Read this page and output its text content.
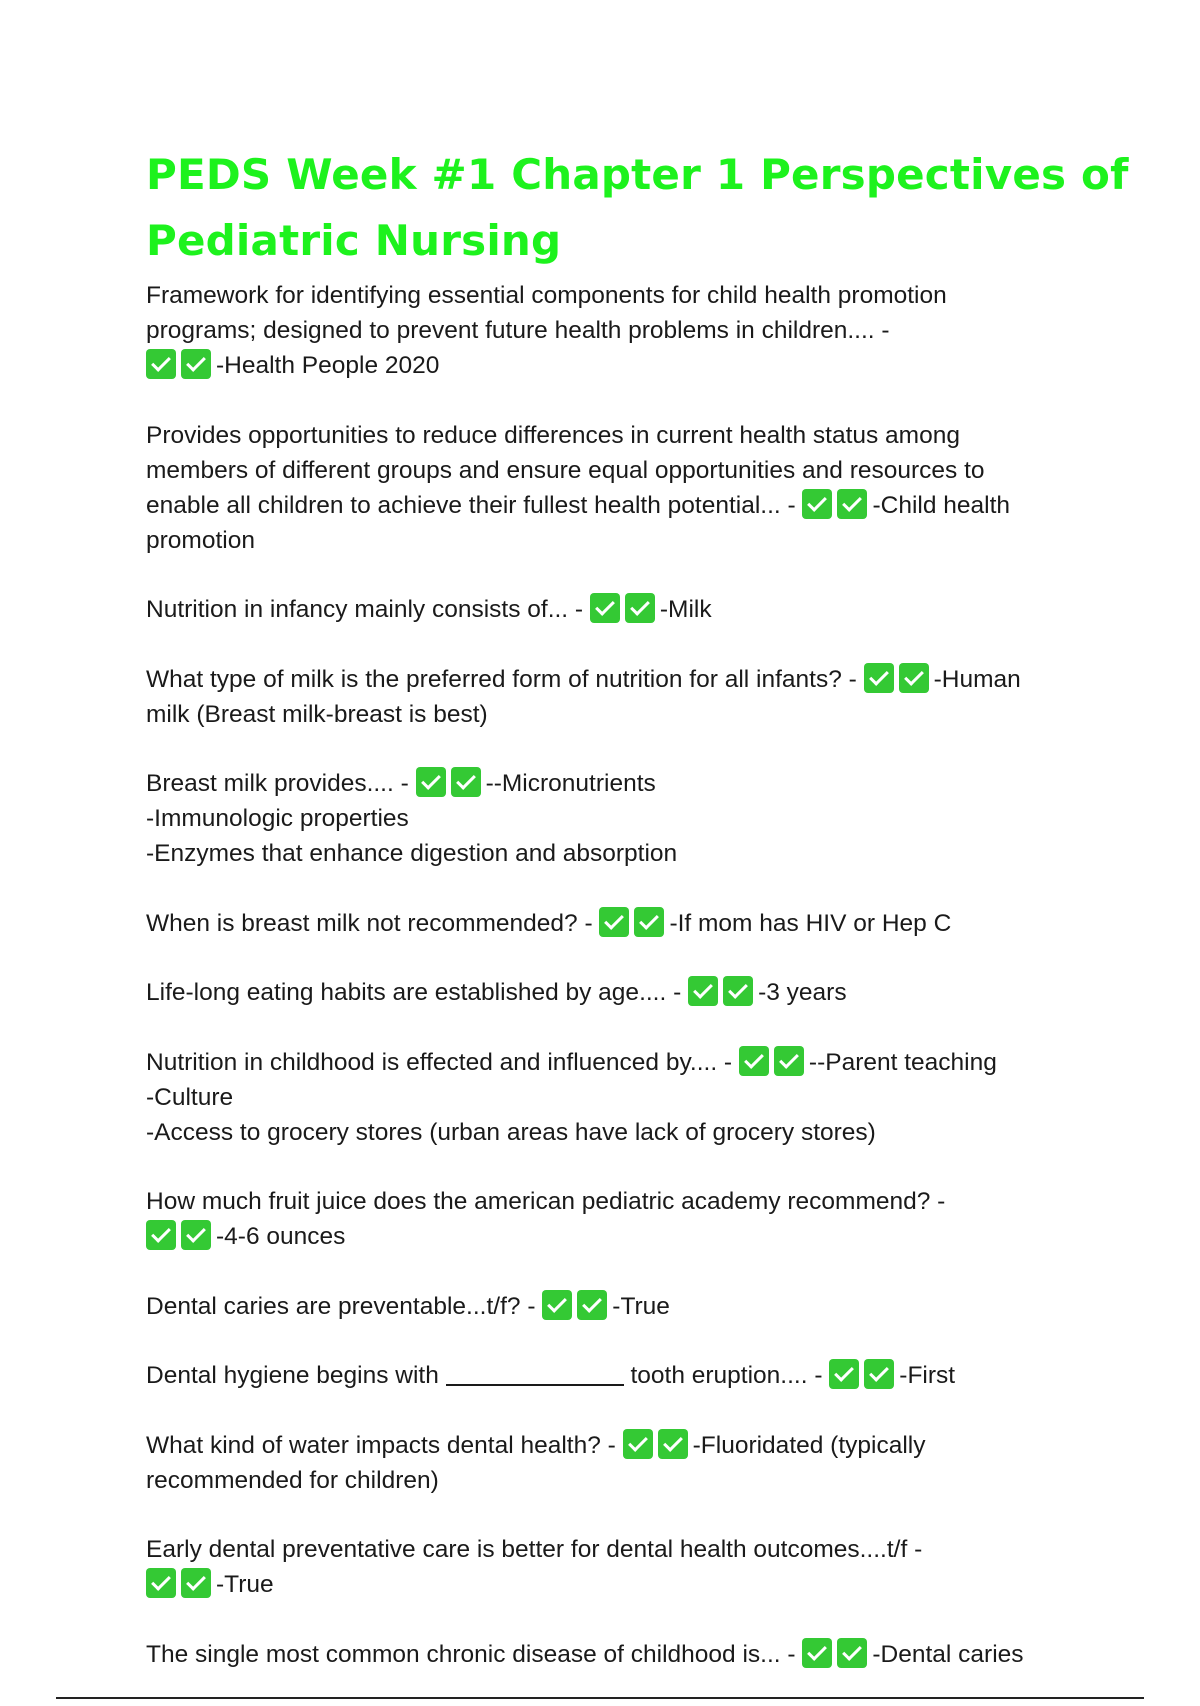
PEDS Week #1 Chapter 1 Perspectives of
Pediatric Nursing
Framework for identifying essential components for child health promotion
programs; designed to prevent future health problems in children.... -
-Health People 2020
Provides opportunities to reduce differences in current health status among
members of different groups and ensure equal opportunities and resources to
enable all children to achieve their fullest health potential... -	-Child health
promotion
Nutrition in infancy mainly consists of... -	-Milk
What type of milk is the preferred form of nutrition for all infants? -	-Human
milk (Breast milk-breast is best)
Breast milk provides.... -	--Micronutrients
-Immunologic properties
-Enzymes that enhance digestion and absorption
When is breast milk not recommended? -	-If mom has HIV or Hep C
Life-long eating habits are established by age.... -	-3 years
Nutrition in childhood is effected and influenced by.... -	--Parent teaching
-Culture
-Access to grocery stores (urban areas have lack of grocery stores)
How much fruit juice does the american pediatric academy recommend? -
-4-6 ounces
Dental caries are preventable...t/f? -	-True
Dental hygiene begins with	tooth eruption.... -	-First
What kind of water impacts dental health? -	-Fluoridated (typically
recommended for children)
Early dental preventative care is better for dental health outcomes....t/f -
-True
The single most common chronic disease of childhood is... -	-Dental caries
